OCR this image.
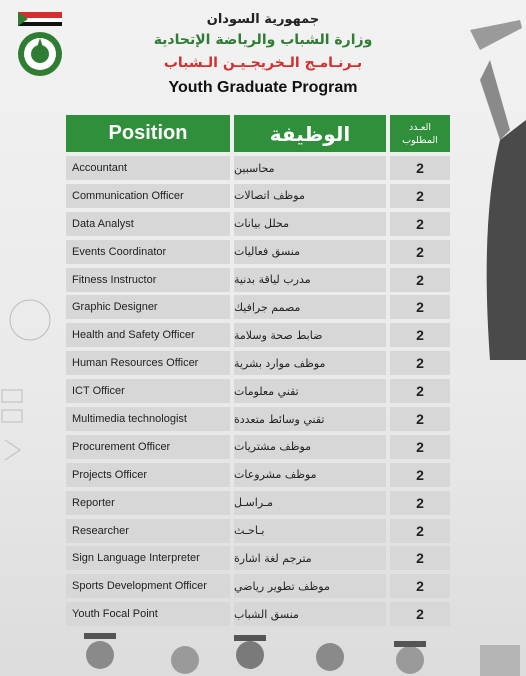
جمهورية السودان
وزارة الشباب والرياضة الإتحادية
بـرنـامـج الـخريجـيـن الـشباب
Youth Graduate Program
Position	الوظيفة	العـدد
المطلوب
Accountant	محاسبين	2
Communication Officer	موظف اتصالات	2
Data Analyst	محلل بيانات	2
Events Coordinator	منسق فعاليات	2
Fitness Instructor	مدرب لياقة بدنية	2
Graphic Designer	مصمم جرافيك	2
Health and Safety Officer	ضابط صحة وسلامة	2
Human Resources Officer	موظف موارد بشرية	2
ICT Officer	تقني معلومات	2
Multimedia technologist	تقني وسائط متعددة	2
Procurement Officer	موظف مشتريات	2
Projects Officer	موظف مشروعات	2
Reporter	مـراسـل	2
Researcher	بـاحـث	2
Sign Language Interpreter	مترجم لغة اشارة	2
Sports Development Officer	موظف تطوير رياضي	2
Youth Focal Point	منسق الشباب	2
